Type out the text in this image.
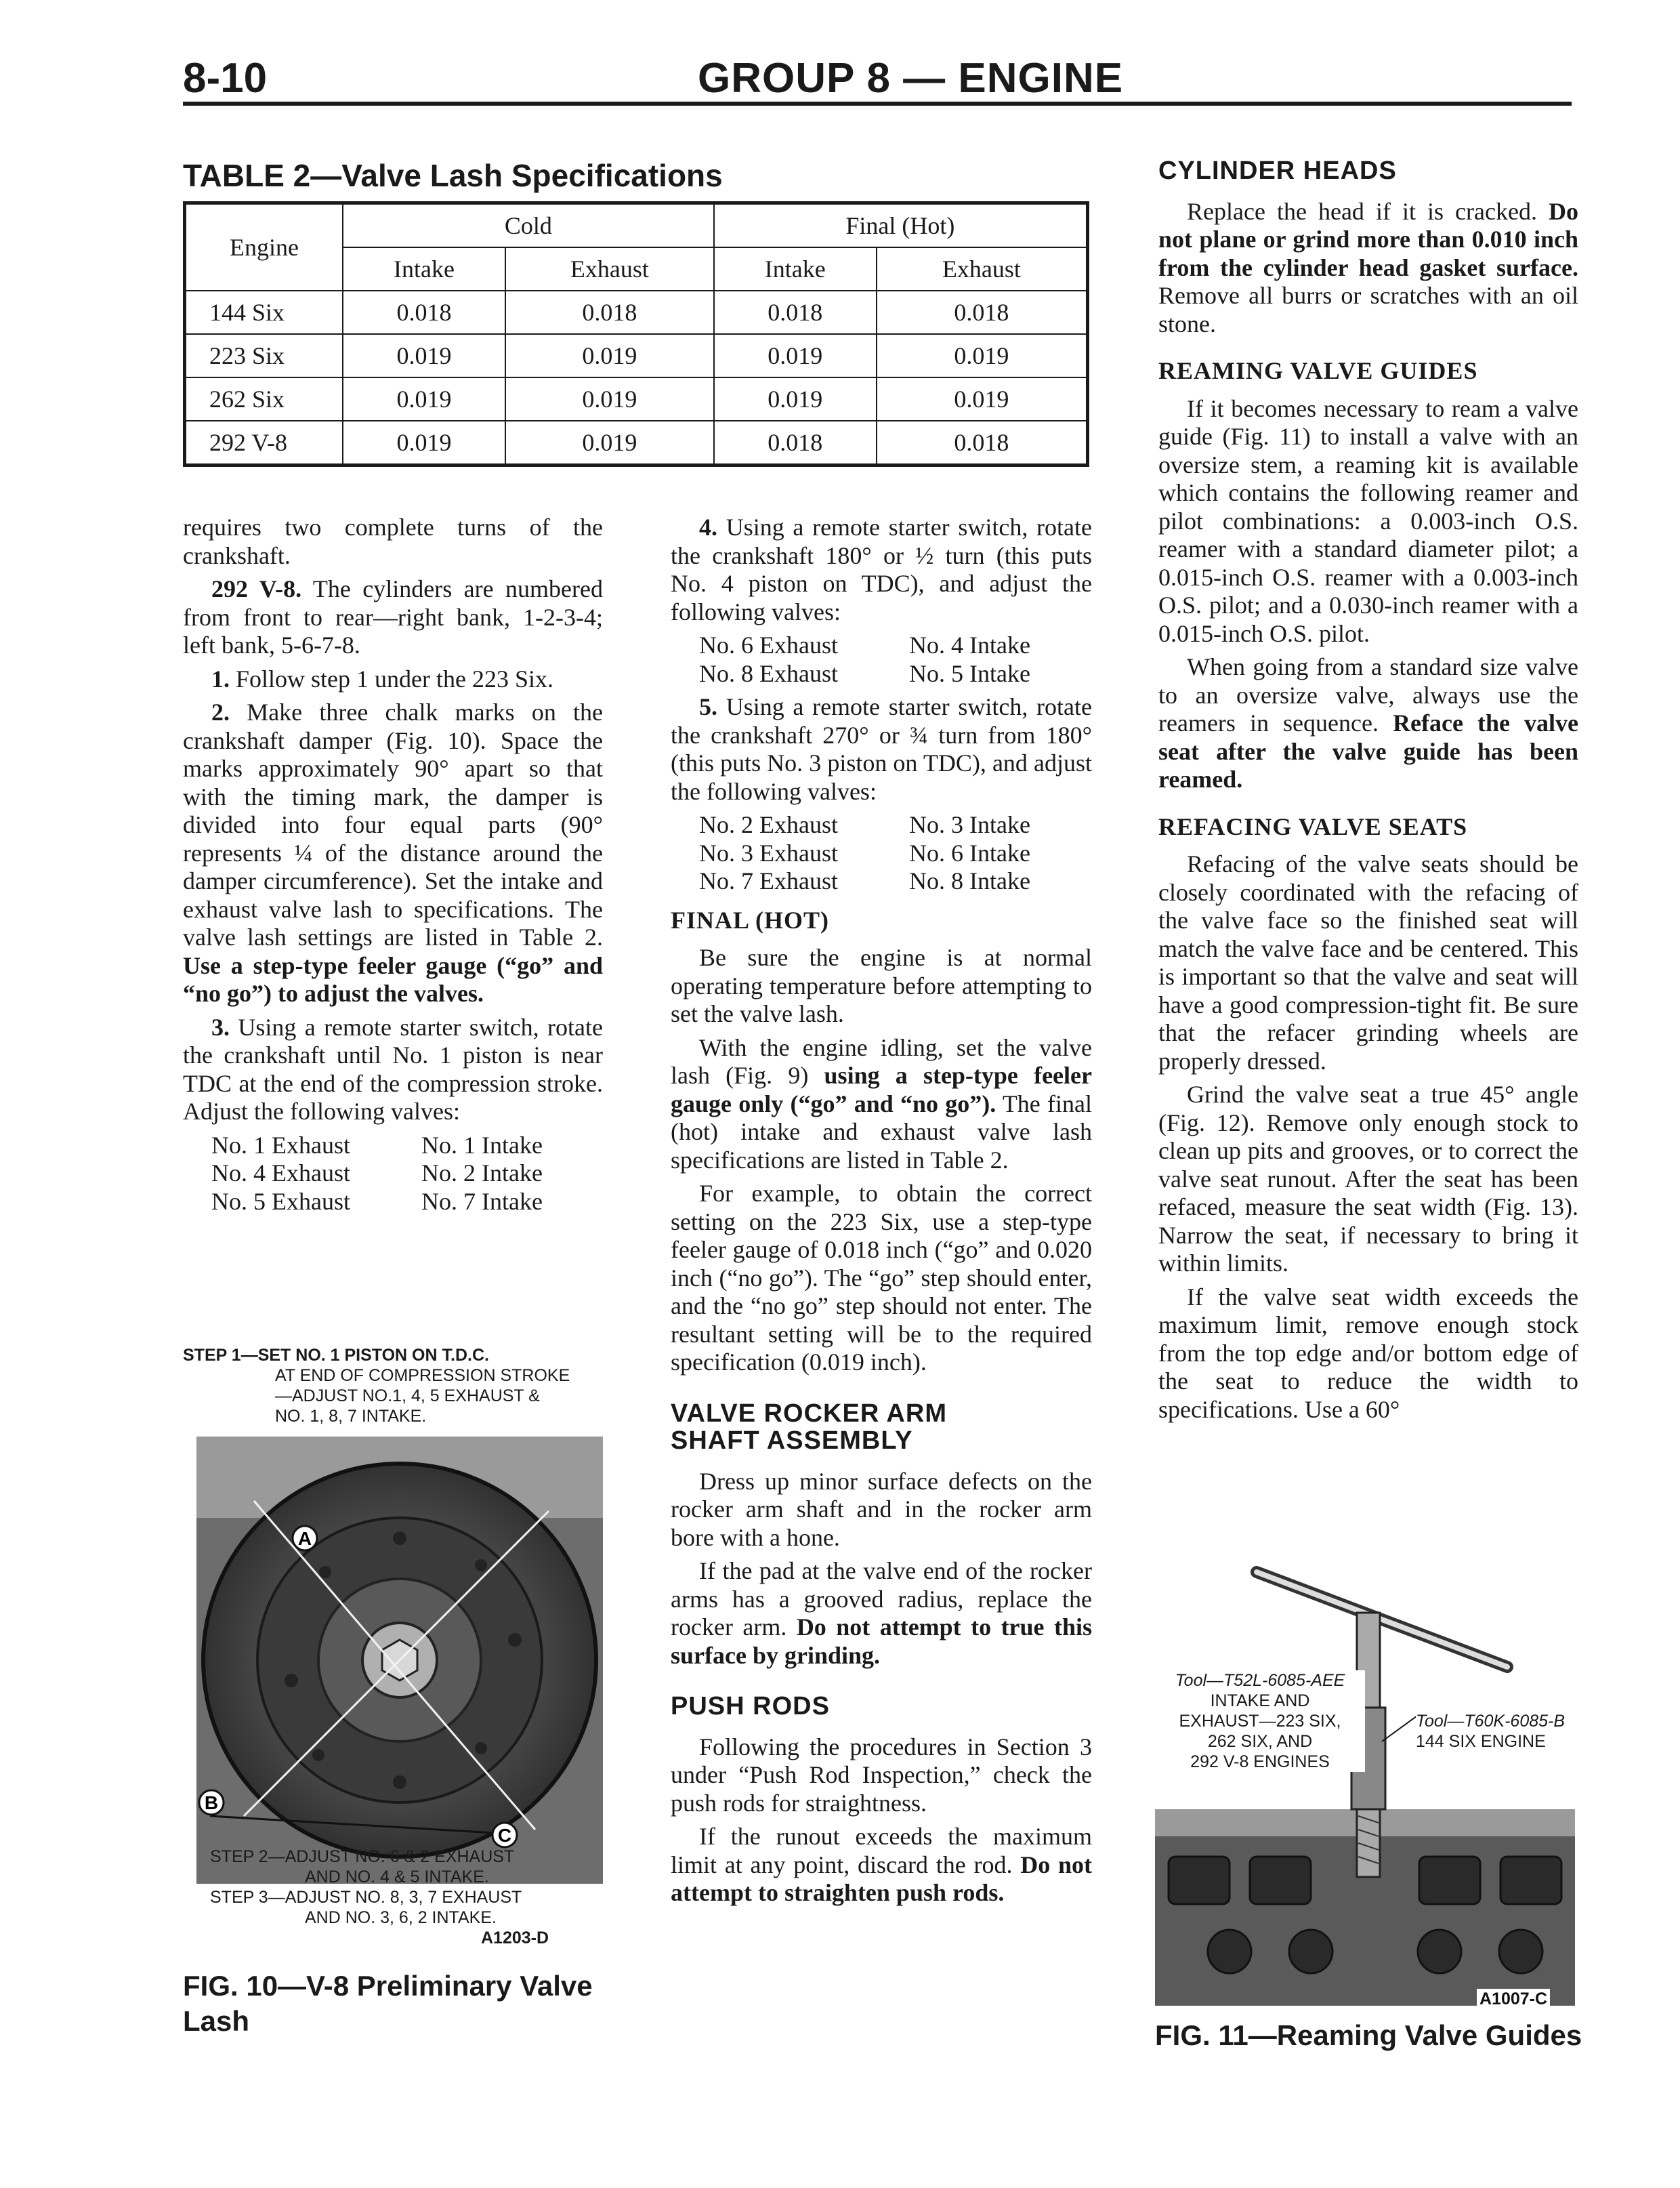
8-10	GROUP 8 — ENGINE
TABLE 2—Valve Lash Specifications
Engine	Cold		Final (Hot)	
	Intake	Exhaust	Intake	Exhaust
144 Six	0.018	0.018	0.018	0.018
223 Six	0.019	0.019	0.019	0.019
262 Six	0.019	0.019	0.019	0.019
292 V-8	0.019	0.019	0.018	0.018

requires two complete turns of the crankshaft.

292 V-8. The cylinders are numbered from front to rear—right bank, 1-2-3-4; left bank, 5-6-7-8.

1. Follow step 1 under the 223 Six.

2. Make three chalk marks on the crankshaft damper (Fig. 10). Space the marks approximately 90° apart so that with the timing mark, the damper is divided into four equal parts (90° represents ¼ of the distance around the damper circumference). Set the intake and exhaust valve lash to specifications. The valve lash settings are listed in Table 2. Use a step-type feeler gauge (“go” and “no go”) to adjust the valves.

3. Using a remote starter switch, rotate the crankshaft until No. 1 piston is near TDC at the end of the compression stroke. Adjust the following valves:

No. 1 Exhaust	No. 1 Intake
No. 4 Exhaust	No. 2 Intake
No. 5 Exhaust	No. 7 Intake
STEP 1—SET NO. 1 PISTON ON T.D.C.
AT END OF COMPRESSION STROKE
—ADJUST NO.1, 4, 5 EXHAUST &
NO. 1, 8, 7 INTAKE.
A
B
C
STEP 2—ADJUST NO. 6 & 2 EXHAUST
AND NO. 4 & 5 INTAKE.
STEP 3—ADJUST NO. 8, 3, 7 EXHAUST
AND NO. 3, 6, 2 INTAKE.
A1203-D
FIG. 10—V-8 Preliminary Valve
Lash

4. Using a remote starter switch, rotate the crankshaft 180° or ½ turn (this puts No. 4 piston on TDC), and adjust the following valves:

No. 6 Exhaust	No. 4 Intake
No. 8 Exhaust	No. 5 Intake

5. Using a remote starter switch, rotate the crankshaft 270° or ¾ turn from 180° (this puts No. 3 piston on TDC), and adjust the following valves:

No. 2 Exhaust	No. 3 Intake
No. 3 Exhaust	No. 6 Intake
No. 7 Exhaust	No. 8 Intake
FINAL (HOT)

Be sure the engine is at normal operating temperature before attempting to set the valve lash.

With the engine idling, set the valve lash (Fig. 9) using a step-type feeler gauge only (“go” and “no go”). The final (hot) intake and exhaust valve lash specifications are listed in Table 2.

For example, to obtain the correct setting on the 223 Six, use a step-type feeler gauge of 0.018 inch (“go” and 0.020 inch (“no go”). The “go” step should enter, and the “no go” step should not enter. The resultant setting will be to the required specification (0.019 inch).

VALVE ROCKER ARM
SHAFT ASSEMBLY

Dress up minor surface defects on the rocker arm shaft and in the rocker arm bore with a hone.

If the pad at the valve end of the rocker arms has a grooved radius, replace the rocker arm. Do not attempt to true this surface by grinding.

PUSH RODS

Following the procedures in Section 3 under “Push Rod Inspection,” check the push rods for straightness.

If the runout exceeds the maximum limit at any point, discard the rod. Do not attempt to straighten push rods.

CYLINDER HEADS

Replace the head if it is cracked. Do not plane or grind more than 0.010 inch from the cylinder head gasket surface. Remove all burrs or scratches with an oil stone.

REAMING VALVE GUIDES

If it becomes necessary to ream a valve guide (Fig. 11) to install a valve with an oversize stem, a reaming kit is available which contains the following reamer and pilot combinations: a 0.003-inch O.S. reamer with a standard diameter pilot; a 0.015-inch O.S. reamer with a 0.003-inch O.S. pilot; and a 0.030-inch reamer with a 0.015-inch O.S. pilot.

When going from a standard size valve to an oversize valve, always use the reamers in sequence. Reface the valve seat after the valve guide has been reamed.

REFACING VALVE SEATS

Refacing of the valve seats should be closely coordinated with the refacing of the valve face so the finished seat will match the valve face and be centered. This is important so that the valve and seat will have a good compression-tight fit. Be sure that the refacer grinding wheels are properly dressed.

Grind the valve seat a true 45° angle (Fig. 12). Remove only enough stock to clean up pits and grooves, or to correct the valve seat runout. After the seat has been refaced, measure the seat width (Fig. 13). Narrow the seat, if necessary to bring it within limits.

If the valve seat width exceeds the maximum limit, remove enough stock from the top edge and/or bottom edge of the seat to reduce the width to specifications. Use a 60°

Tool—T52L-6085-AEE
INTAKE AND
EXHAUST—223 SIX,
262 SIX, AND
292 V-8 ENGINES
Tool—T60K-6085-B
144 SIX ENGINE
A1007-C
FIG. 11—Reaming Valve Guides
